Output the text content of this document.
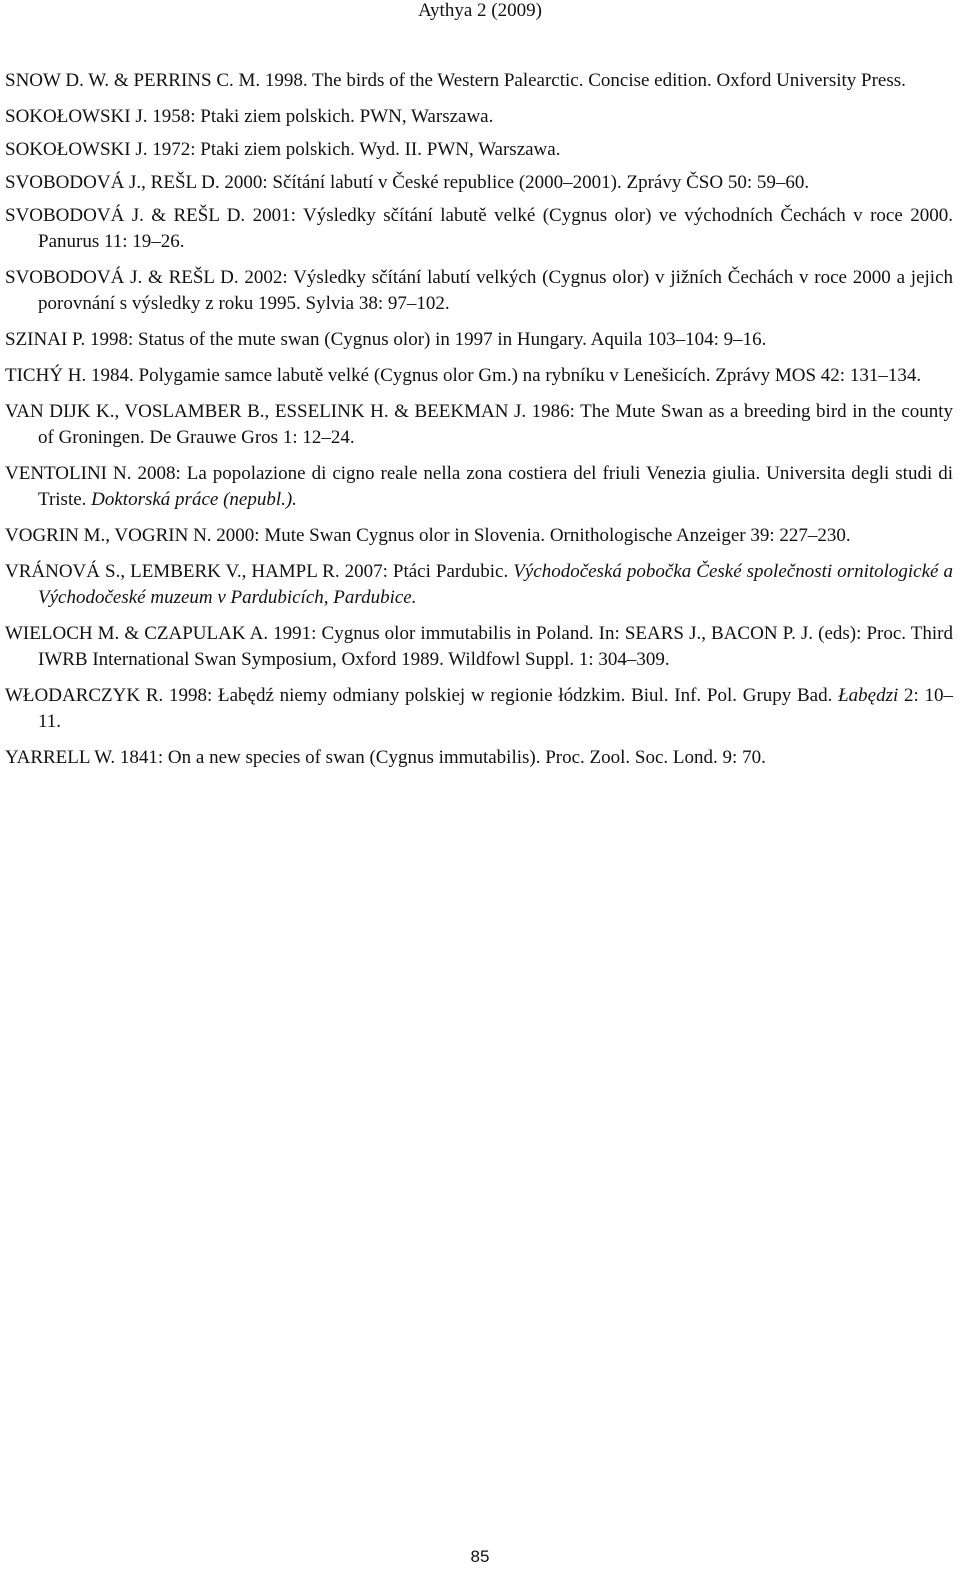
Aythya 2 (2009)

SNOW D. W. & PERRINS C. M. 1998. The birds of the Western Palearctic. Concise edition. Oxford University Press.

SOKOŁOWSKI J. 1958: Ptaki ziem polskich. PWN, Warszawa.

SOKOŁOWSKI J. 1972: Ptaki ziem polskich. Wyd. II. PWN, Warszawa.

SVOBODOVÁ J., REŠL D. 2000: Sčítání labutí v České republice (2000–2001). Zprávy ČSO 50: 59–60.

SVOBODOVÁ J. & REŠL D. 2001: Výsledky sčítání labutě velké (Cygnus olor) ve východních Čechách v roce 2000. Panurus 11: 19–26.

SVOBODOVÁ J. & REŠL D. 2002: Výsledky sčítání labutí velkých (Cygnus olor) v jižních Čechách v roce 2000 a jejich porovnání s výsledky z roku 1995. Sylvia 38: 97–102.

SZINAI P. 1998: Status of the mute swan (Cygnus olor) in 1997 in Hungary. Aquila 103–104: 9–16.

TICHÝ H. 1984. Polygamie samce labutě velké (Cygnus olor Gm.) na rybníku v Lenešicích. Zprávy MOS 42: 131–134.

VAN DIJK K., VOSLAMBER B., ESSELINK H. & BEEKMAN J. 1986: The Mute Swan as a breeding bird in the county of Groningen. De Grauwe Gros 1: 12–24.

VENTOLINI N. 2008: La popolazione di cigno reale nella zona costiera del friuli Venezia giulia. Universita degli studi di Triste. Doktorská práce (nepubl.).

VOGRIN M., VOGRIN N. 2000: Mute Swan Cygnus olor in Slovenia. Ornithologische Anzeiger 39: 227–230.

VRÁNOVÁ S., LEMBERK V., HAMPL R. 2007: Ptáci Pardubic. Východočeská pobočka České společnosti ornitologické a Východočeské muzeum v Pardubicích, Pardubice.

WIELOCH M. & CZAPULAK A. 1991: Cygnus olor immutabilis in Poland. In: SEARS J., BACON P. J. (eds): Proc. Third IWRB International Swan Symposium, Oxford 1989. Wildfowl Suppl. 1: 304–309.

WŁODARCZYK R. 1998: Łabędź niemy odmiany polskiej w regionie łódzkim. Biul. Inf. Pol. Grupy Bad. Łabędzi 2: 10–11.

YARRELL W. 1841: On a new species of swan (Cygnus immutabilis). Proc. Zool. Soc. Lond. 9: 70.

85
